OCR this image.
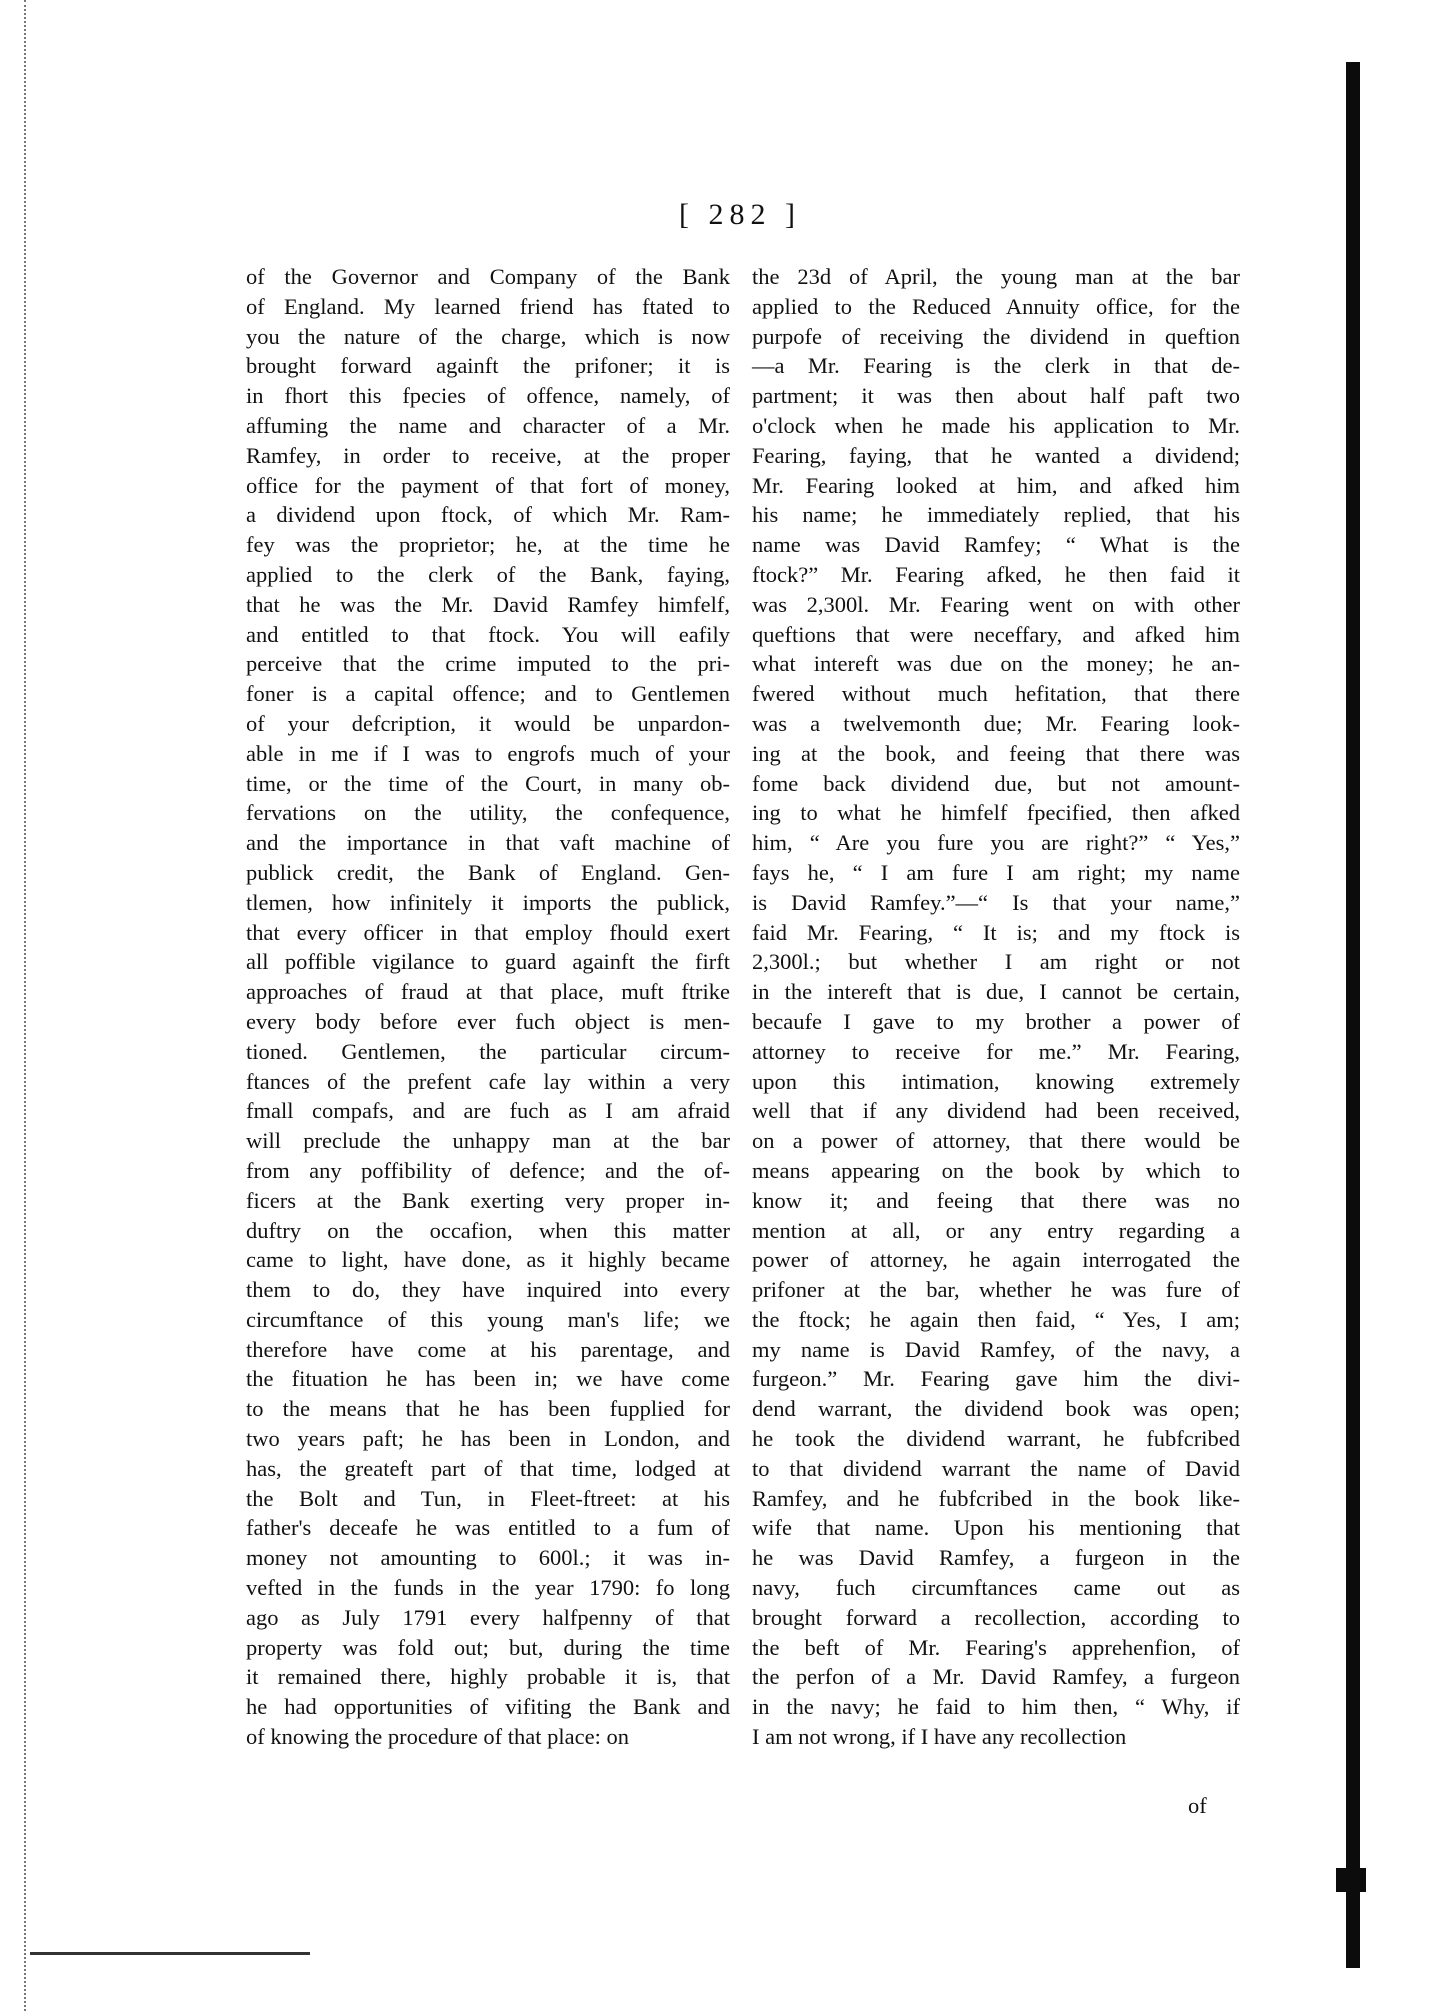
[ 282 ]
of the Governor and Company of the Bank
of England. My learned friend has ftated to
you the nature of the charge, which is now
brought forward againft the prifoner; it is
in fhort this fpecies of offence, namely, of
affuming the name and character of a Mr.
Ramfey, in order to receive, at the proper
office for the payment of that fort of money,
a dividend upon ftock, of which Mr. Ram-
fey was the proprietor; he, at the time he
applied to the clerk of the Bank, faying,
that he was the Mr. David Ramfey himfelf,
and entitled to that ftock. You will eafily
perceive that the crime imputed to the pri-
foner is a capital offence; and to Gentlemen
of your defcription, it would be unpardon-
able in me if I was to engrofs much of your
time, or the time of the Court, in many ob-
fervations on the utility, the confequence,
and the importance in that vaft machine of
publick credit, the Bank of England. Gen-
tlemen, how infinitely it imports the publick,
that every officer in that employ fhould exert
all poffible vigilance to guard againft the firft
approaches of fraud at that place, muft ftrike
every body before ever fuch object is men-
tioned. Gentlemen, the particular circum-
ftances of the prefent cafe lay within a very
fmall compafs, and are fuch as I am afraid
will preclude the unhappy man at the bar
from any poffibility of defence; and the of-
ficers at the Bank exerting very proper in-
duftry on the occafion, when this matter
came to light, have done, as it highly became
them to do, they have inquired into every
circumftance of this young man's life; we
therefore have come at his parentage, and
the fituation he has been in; we have come
to the means that he has been fupplied for
two years paft; he has been in London, and
has, the greateft part of that time, lodged at
the Bolt and Tun, in Fleet-ftreet: at his
father's deceafe he was entitled to a fum of
money not amounting to 600l.; it was in-
vefted in the funds in the year 1790: fo long
ago as July 1791 every halfpenny of that
property was fold out; but, during the time
it remained there, highly probable it is, that
he had opportunities of vifiting the Bank and
of knowing the procedure of that place: on
the 23d of April, the young man at the bar
applied to the Reduced Annuity office, for the
purpofe of receiving the dividend in queftion
—a Mr. Fearing is the clerk in that de-
partment; it was then about half paft two
o'clock when he made his application to Mr.
Fearing, faying, that he wanted a dividend;
Mr. Fearing looked at him, and afked him
his name; he immediately replied, that his
name was David Ramfey; “ What is the
ftock?” Mr. Fearing afked, he then faid it
was 2,300l. Mr. Fearing went on with other
queftions that were neceffary, and afked him
what intereft was due on the money; he an-
fwered without much hefitation, that there
was a twelvemonth due; Mr. Fearing look-
ing at the book, and feeing that there was
fome back dividend due, but not amount-
ing to what he himfelf fpecified, then afked
him, “ Are you fure you are right?” “ Yes,”
fays he, “ I am fure I am right; my name
is David Ramfey.”—“ Is that your name,”
faid Mr. Fearing, “ It is; and my ftock is
2,300l.; but whether I am right or not
in the intereft that is due, I cannot be certain,
becaufe I gave to my brother a power of
attorney to receive for me.” Mr. Fearing,
upon this intimation, knowing extremely
well that if any dividend had been received,
on a power of attorney, that there would be
means appearing on the book by which to
know it; and feeing that there was no
mention at all, or any entry regarding a
power of attorney, he again interrogated the
prifoner at the bar, whether he was fure of
the ftock; he again then faid, “ Yes, I am;
my name is David Ramfey, of the navy, a
furgeon.” Mr. Fearing gave him the divi-
dend warrant, the dividend book was open;
he took the dividend warrant, he fubfcribed
to that dividend warrant the name of David
Ramfey, and he fubfcribed in the book like-
wife that name. Upon his mentioning that
he was David Ramfey, a furgeon in the
navy, fuch circumftances came out as
brought forward a recollection, according to
the beft of Mr. Fearing's apprehenfion, of
the perfon of a Mr. David Ramfey, a furgeon
in the navy; he faid to him then, “ Why, if
I am not wrong, if I have any recollection
of
